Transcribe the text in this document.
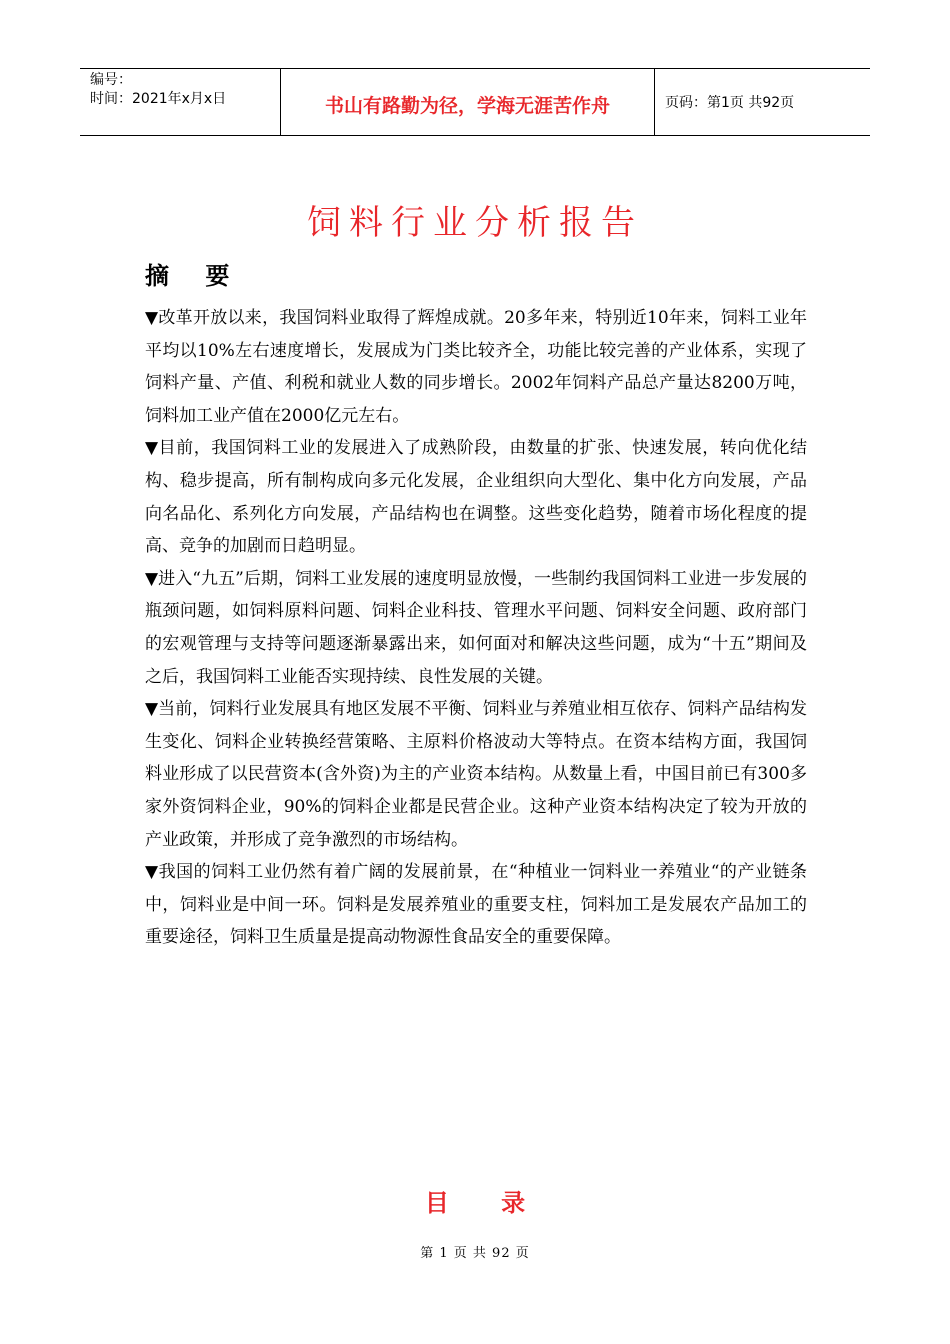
编号：
时间：2021年x月x日	书山有路勤为径，学海无涯苦作舟	页码：第1页 共92页
饲料行业分析报告
摘 要

▼改革开放以来，我国饲料业取得了辉煌成就。20多年来，特别近10年来，饲料工业年平均以10%左右速度增长，发展成为门类比较齐全，功能比较完善的产业体系，实现了饲料产量、产值、利税和就业人数的同步增长。2002年饲料产品总产量达8200万吨，饲料加工业产值在2000亿元左右。

▼目前，我国饲料工业的发展进入了成熟阶段，由数量的扩张、快速发展，转向优化结构、稳步提高，所有制构成向多元化发展，企业组织向大型化、集中化方向发展，产品向名品化、系列化方向发展，产品结构也在调整。这些变化趋势，随着市场化程度的提高、竞争的加剧而日趋明显。

▼进入“九五”后期，饲料工业发展的速度明显放慢，一些制约我国饲料工业进一步发展的瓶颈问题，如饲料原料问题、饲料企业科技、管理水平问题、饲料安全问题、政府部门的宏观管理与支持等问题逐渐暴露出来，如何面对和解决这些问题，成为“十五”期间及之后，我国饲料工业能否实现持续、良性发展的关键。

▼当前，饲料行业发展具有地区发展不平衡、饲料业与养殖业相互依存、饲料产品结构发生变化、饲料企业转换经营策略、主原料价格波动大等特点。在资本结构方面，我国饲料业形成了以民营资本(含外资)为主的产业资本结构。从数量上看，中国目前已有300多家外资饲料企业，90%的饲料企业都是民营企业。这种产业资本结构决定了较为开放的产业政策，并形成了竞争激烈的市场结构。

▼我国的饲料工业仍然有着广阔的发展前景，在“种植业一饲料业一养殖业“的产业链条中，饲料业是中间一环。饲料是发展养殖业的重要支柱，饲料加工是发展农产品加工的重要途径，饲料卫生质量是提高动物源性食品安全的重要保障。

目 录
第 1 页 共 92 页
